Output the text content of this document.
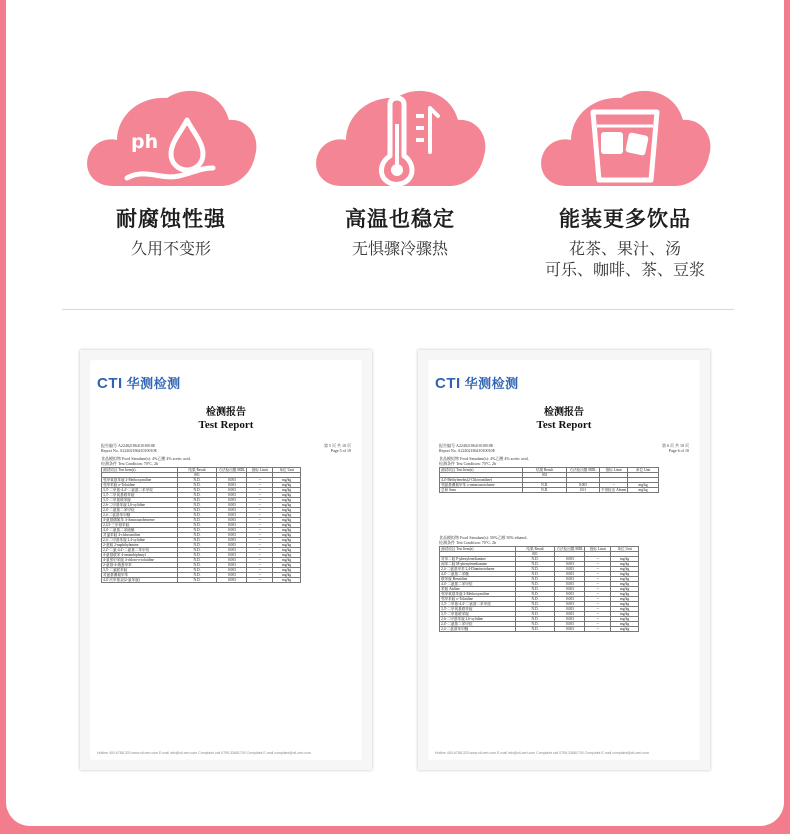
ph
耐腐蚀性强
久用不变形
高温也稳定
无惧骤冷骤热
能装更多饮品
花茶、果汁、汤
可乐、咖啡、茶、豆浆
CTI 华测检测
检测报告
Test Report
报告编号 A2240218641010010E
Report No. A2240218641010010E
第 5 页 共 10 页
Page 5 of 10
食品模拟物 Food Simulant(s): 4%乙酸 4% acetic acid,
检测条件 Test Condition: 70°C, 2h
测试项目 Test Item(s)	结果 Result	方法检出限 MDL	指标 Limit	单位 Unit
	001			
邻甲氧基苯胺 2-Methoxyaniline	N.D.	0.003	--	mg/kg
邻甲苯胺 o-Toluidine	N.D.	0.003	--	mg/kg
3,3'-二甲基-4,4'-二氨基二苯甲烷	N.D.	0.003	--	mg/kg
3,3'-二甲氧基联苯胺	N.D.	0.003	--	mg/kg
3,3'-二甲基联苯胺	N.D.	0.003	--	mg/kg
2,6-二甲基苯胺 2,6-xylidine	N.D.	0.003	--	mg/kg
2,4'-二氨基二苯甲烷	N.D.	0.003	--	mg/kg
2,4-二氨基苯甲醚	N.D.	0.003	--	mg/kg
4-氨基偶氮苯 4-Aminoazobenzene	N.D.	0.003	--	mg/kg
2,4,5-三甲基苯胺	N.D.	0.003	--	mg/kg
4,4'-二氨基二苯硫醚	N.D.	0.003	--	mg/kg
对氯苯胺 4-chloroaniline	N.D.	0.003	--	mg/kg
2,4-二甲基苯胺 2,4-xylidine	N.D.	0.003	--	mg/kg
2-萘胺 2-naphthylamine	N.D.	0.003	--	mg/kg
2,2'-二氯-4,4'-二氨基二苯甲烷	N.D.	0.003	--	mg/kg
4-氨基联苯 4-aminobiphenyl	N.D.	0.003	--	mg/kg
4-氯邻甲苯胺 4-chloro-o-toluidine	N.D.	0.003	--	mg/kg
2-氨基-4-硝基甲苯	N.D.	0.003	--	mg/kg
3,3'-二氯联苯胺	N.D.	0.003	--	mg/kg
对氨基偶氮甲苯	N.D.	0.003	--	mg/kg
4,4'-次甲基双(2-氯苯胺)	N.D.	0.003	--	mg/kg
Hotline 400-6788-333 www.cti-cert.com E-mail info@cti-cert.com Complaint call 0755-33681700 Complaint E-mail complaint@cti-cert.com
CTI 华测检测
检测报告
Test Report
报告编号 A2240218641010010E
Report No. A2240218641010010E
第 6 页 共 10 页
Page 6 of 10
食品模拟物 Food Simulant(s): 4%乙酸 4% acetic acid,
检测条件 Test Condition: 70°C, 2h
测试项目 Test Item(s)	结果 Result	方法检出限 MDL	指标 Limit	单位 Unit
	001			
4,4'-Methylenebis(2-Chloroaniline)				
邻氨基偶氮甲苯 o-aminoazotoluene	N.D.	0.003	--	mg/kg
总和 Sum	N.D.	0.01	不得检出 Absent	mg/kg
食品模拟物 Food Simulant(s): 50%乙醇 50% ethanol,
检测条件 Test Condition: 70°C, 2h
测试项目 Test Item(s)	结果 Result	方法检出限 MDL	指标 Limit	单位 Unit
	001			
对苯二胺 P-phenylenediamine	N.D.	0.003	--	mg/kg
间苯二胺 M-phenylenediamine	N.D.	0.003	--	mg/kg
2,4-二氨基甲苯 2,4-Diaminotoluene	N.D.	0.003	--	mg/kg
4,4'-二氨基二苯醚	N.D.	0.003	--	mg/kg
联苯胺 Benzidine	N.D.	0.003	--	mg/kg
4,4'-二氨基二苯甲烷	N.D.	0.003	--	mg/kg
苯胺 Aniline	N.D.	0.003	--	mg/kg
邻甲氧基苯胺 2-Methoxyaniline	N.D.	0.003	--	mg/kg
邻甲苯胺 o-Toluidine	N.D.	0.003	--	mg/kg
3,3'-二甲基-4,4'-二氨基二苯甲烷	N.D.	0.003	--	mg/kg
3,3'-二甲氧基联苯胺	N.D.	0.003	--	mg/kg
3,3'-二甲基联苯胺	N.D.	0.003	--	mg/kg
2,6-二甲基苯胺 2,6-xylidine	N.D.	0.003	--	mg/kg
2,4'-二氨基二苯甲烷	N.D.	0.003	--	mg/kg
2,4-二氨基苯甲醚	N.D.	0.003	--	mg/kg
Hotline 400-6788-333 www.cti-cert.com E-mail info@cti-cert.com Complaint call 0755-33681700 Complaint E-mail complaint@cti-cert.com
